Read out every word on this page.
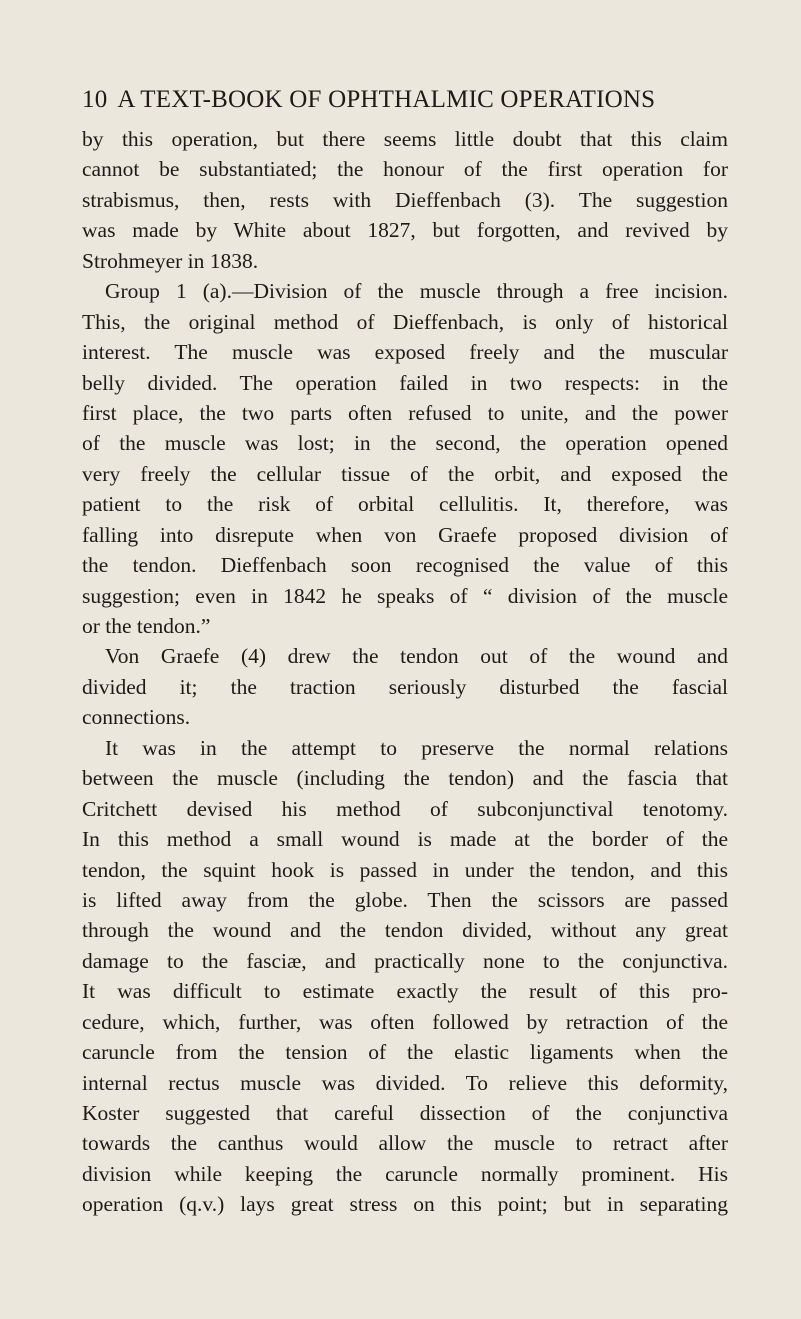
10 A TEXT-BOOK OF OPHTHALMIC OPERATIONS
by this operation, but there seems little doubt that this claim
cannot be substantiated; the honour of the first operation for
strabismus, then, rests with Dieffenbach (3). The suggestion
was made by White about 1827, but forgotten, and revived by
Strohmeyer in 1838.
Group 1 (a).—Division of the muscle through a free incision.
This, the original method of Dieffenbach, is only of historical
interest. The muscle was exposed freely and the muscular
belly divided. The operation failed in two respects: in the
first place, the two parts often refused to unite, and the power
of the muscle was lost; in the second, the operation opened
very freely the cellular tissue of the orbit, and exposed the
patient to the risk of orbital cellulitis. It, therefore, was
falling into disrepute when von Graefe proposed division of
the tendon. Dieffenbach soon recognised the value of this
suggestion; even in 1842 he speaks of “ division of the muscle
or the tendon.”
Von Graefe (4) drew the tendon out of the wound and
divided it; the traction seriously disturbed the fascial
connections.
It was in the attempt to preserve the normal relations
between the muscle (including the tendon) and the fascia that
Critchett devised his method of subconjunctival tenotomy.
In this method a small wound is made at the border of the
tendon, the squint hook is passed in under the tendon, and this
is lifted away from the globe. Then the scissors are passed
through the wound and the tendon divided, without any great
damage to the fasciæ, and practically none to the conjunctiva.
It was difficult to estimate exactly the result of this pro-
cedure, which, further, was often followed by retraction of the
caruncle from the tension of the elastic ligaments when the
internal rectus muscle was divided. To relieve this deformity,
Koster suggested that careful dissection of the conjunctiva
towards the canthus would allow the muscle to retract after
division while keeping the caruncle normally prominent. His
operation (q.v.) lays great stress on this point; but in separating
